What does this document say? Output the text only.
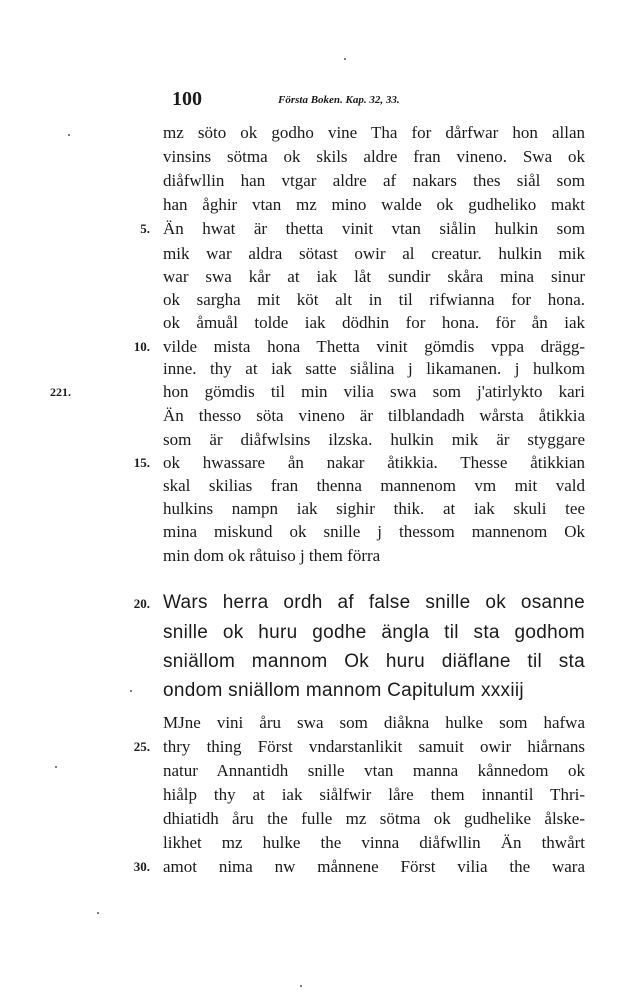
100	Första Boken. Kap. 32, 33.
221.
mz söto ok godho vine Tha for dårfwar hon allan
vinsins sötma ok skils aldre fran vineno. Swa ok
diåfwllin han vtgar aldre af nakars thes siål som
han åghir vtan mz mino walde ok gudheliko makt
Än hwat är thetta vinit vtan siålin hulkin som
mik war aldra sötast owir al creatur. hulkin mik
war swa kår at iak låt sundir skåra mina sinur
ok sargha mit köt alt in til rifwianna for hona.
ok åmuål tolde iak dödhin for hona. för ån iak
vilde mista hona Thetta vinit gömdis vppa drägg-
inne. thy at iak satte siålina j likamanen. j hulkom
hon gömdis til min vilia swa som j'atirlykto kari
Än thesso söta vineno är tilblandadh wårsta åtikkia
som är diåfwlsins ilzska. hulkin mik är styggare
ok hwassare ån nakar åtikkia. Thesse åtikkian
skal skilias fran thenna mannenom vm mit vald
hulkins nampn iak sighir thik. at iak skuli tee
mina miskund ok snille j thessom mannenom Ok
min dom ok råtuiso j them förra
Wars herra ordh af false snille ok osanne
snille ok huru godhe ängla til sta godhom
sniällom mannom Ok huru diäflane til sta
ondom sniällom mannom Capitulum xxxiij
MJne vini åru swa som diåkna hulke som hafwa
thry thing Först vndarstanlikit samuit owir hiårnans
natur Annantidh snille vtan manna kånnedom ok
hiålp thy at iak siålfwir låre them innantil Thri-
dhiatidh åru the fulle mz sötma ok gudhelike ålske-
likhet mz hulke the vinna diåfwllin Än thwårt
amot nima nw månnene Först vilia the wara
5.
10.
15.
20.
25.
30.
